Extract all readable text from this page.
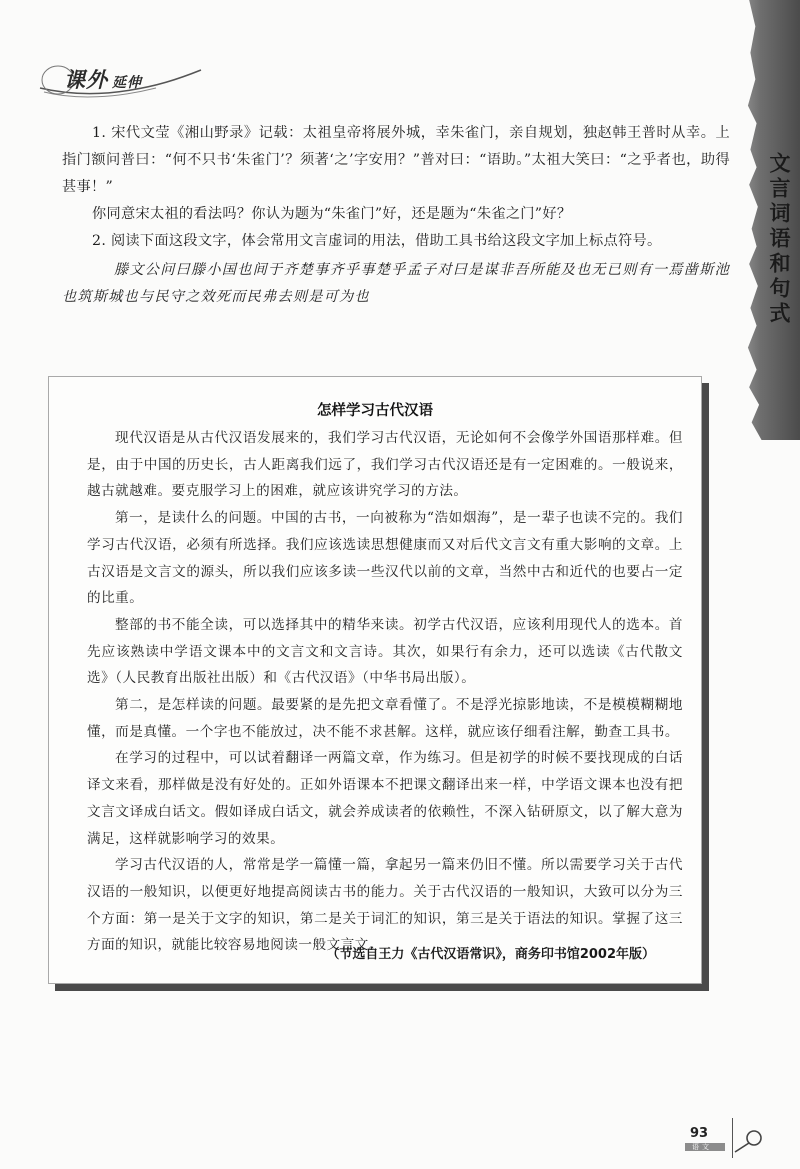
课外 延伸
文言词语和句式

1. 宋代文莹《湘山野录》记载：太祖皇帝将展外城，幸朱雀门，亲自规划，独赵韩王普时从幸。上指门额问普曰：“何不只书‘朱雀门’？须著‘之’字安用？”普对曰：“语助。”太祖大笑曰：“之乎者也，助得甚事！”

你同意宋太祖的看法吗？你认为题为“朱雀门”好，还是题为“朱雀之门”好？

2. 阅读下面这段文字，体会常用文言虚词的用法，借助工具书给这段文字加上标点符号。

滕文公问曰滕小国也间于齐楚事齐乎事楚乎孟子对曰是谋非吾所能及也无已则有一焉凿斯池也筑斯城也与民守之效死而民弗去则是可为也

怎样学习古代汉语

现代汉语是从古代汉语发展来的，我们学习古代汉语，无论如何不会像学外国语那样难。但是，由于中国的历史长，古人距离我们远了，我们学习古代汉语还是有一定困难的。一般说来，越古就越难。要克服学习上的困难，就应该讲究学习的方法。

第一，是读什么的问题。中国的古书，一向被称为“浩如烟海”，是一辈子也读不完的。我们学习古代汉语，必须有所选择。我们应该选读思想健康而又对后代文言文有重大影响的文章。上古汉语是文言文的源头，所以我们应该多读一些汉代以前的文章，当然中古和近代的也要占一定的比重。

整部的书不能全读，可以选择其中的精华来读。初学古代汉语，应该利用现代人的选本。首先应该熟读中学语文课本中的文言文和文言诗。其次，如果行有余力，还可以选读《古代散文选》（人民教育出版社出版）和《古代汉语》（中华书局出版）。

第二，是怎样读的问题。最要紧的是先把文章看懂了。不是浮光掠影地读，不是模模糊糊地懂，而是真懂。一个字也不能放过，决不能不求甚解。这样，就应该仔细看注解，勤查工具书。

在学习的过程中，可以试着翻译一两篇文章，作为练习。但是初学的时候不要找现成的白话译文来看，那样做是没有好处的。正如外语课本不把课文翻译出来一样，中学语文课本也没有把文言文译成白话文。假如译成白话文，就会养成读者的依赖性，不深入钻研原文，以了解大意为满足，这样就影响学习的效果。

学习古代汉语的人，常常是学一篇懂一篇，拿起另一篇来仍旧不懂。所以需要学习关于古代汉语的一般知识，以便更好地提高阅读古书的能力。关于古代汉语的一般知识，大致可以分为三个方面：第一是关于文字的知识，第二是关于词汇的知识，第三是关于语法的知识。掌握了这三方面的知识，就能比较容易地阅读一般文言文。

（节选自王力《古代汉语常识》，商务印书馆2002年版）
93
语文
